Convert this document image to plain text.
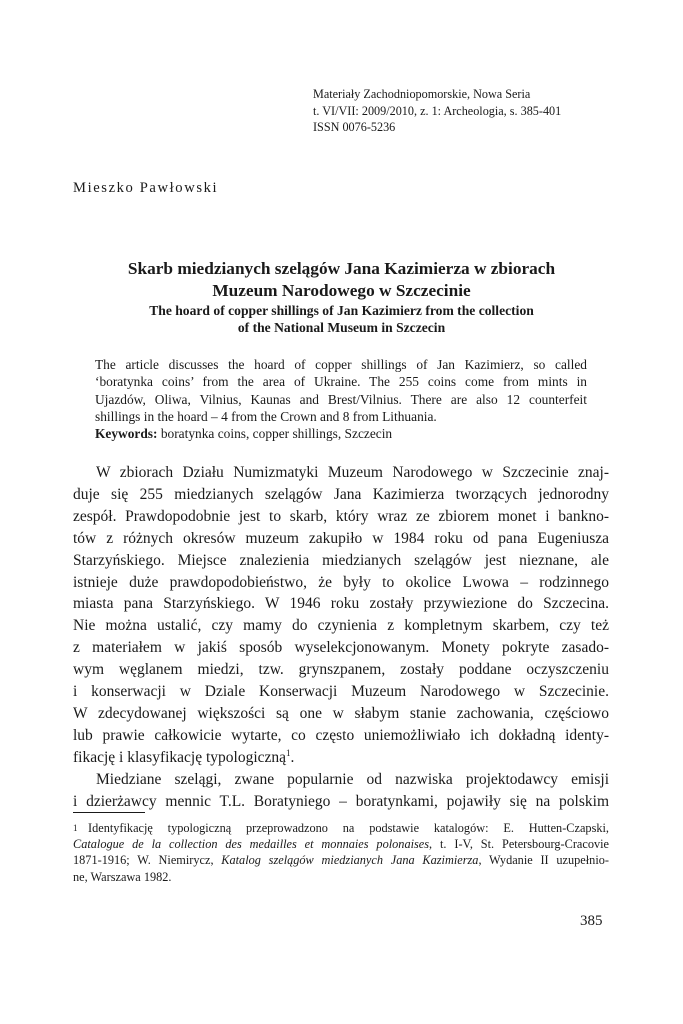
Materiały Zachodniopomorskie, Nowa Seria
t. VI/VII: 2009/2010, z. 1: Archeologia, s. 385-401
ISSN 0076-5236
Mieszko Pawłowski
Skarb miedzianych szelągów Jana Kazimierza w zbiorach
Muzeum Narodowego w Szczecinie
The hoard of copper shillings of Jan Kazimierz from the collection
of the National Museum in Szczecin
The article discusses the hoard of copper shillings of Jan Kazimierz, so called
‘boratynka coins’ from the area of Ukraine. The 255 coins come from mints in
Ujazdów, Oliwa, Vilnius, Kaunas and Brest/Vilnius. There are also 12 counterfeit
shillings in the hoard – 4 from the Crown and 8 from Lithuania.
Keywords: boratynka coins, copper shillings, Szczecin
W zbiorach Działu Numizmatyki Muzeum Narodowego w Szczecinie znaj-
duje się 255 miedzianych szelągów Jana Kazimierza tworzących jednorodny
zespół. Prawdopodobnie jest to skarb, który wraz ze zbiorem monet i bankno-
tów z różnych okresów muzeum zakupiło w 1984 roku od pana Eugeniusza
Starzyńskiego. Miejsce znalezienia miedzianych szelągów jest nieznane, ale
istnieje duże prawdopodobieństwo, że były to okolice Lwowa – rodzinnego
miasta pana Starzyńskiego. W 1946 roku zostały przywiezione do Szczecina.
Nie można ustalić, czy mamy do czynienia z kompletnym skarbem, czy też
z materiałem w jakiś sposób wyselekcjonowanym. Monety pokryte zasado-
wym węglanem miedzi, tzw. grynszpanem, zostały poddane oczyszczeniu
i konserwacji w Dziale Konserwacji Muzeum Narodowego w Szczecinie.
W zdecydowanej większości są one w słabym stanie zachowania, częściowo
lub prawie całkowicie wytarte, co często uniemożliwiało ich dokładną identy-
fikację i klasyfikację typologiczną$^1$.
Miedziane szelągi, zwane popularnie od nazwiska projektodawcy emisji
i dzierżawcy mennic T.L. Boratyniego – boratynkami, pojawiły się na polskim
1 Identyfikację typologiczną przeprowadzono na podstawie katalogów: E. Hutten-Czapski,
Catalogue de la collection des medailles et monnaies polonaises, t. I-V, St. Petersbourg-Cracovie
1871-1916; W. Niemirycz, Katalog szelągów miedzianych Jana Kazimierza, Wydanie II uzupełnio-
ne, Warszawa 1982.
385
